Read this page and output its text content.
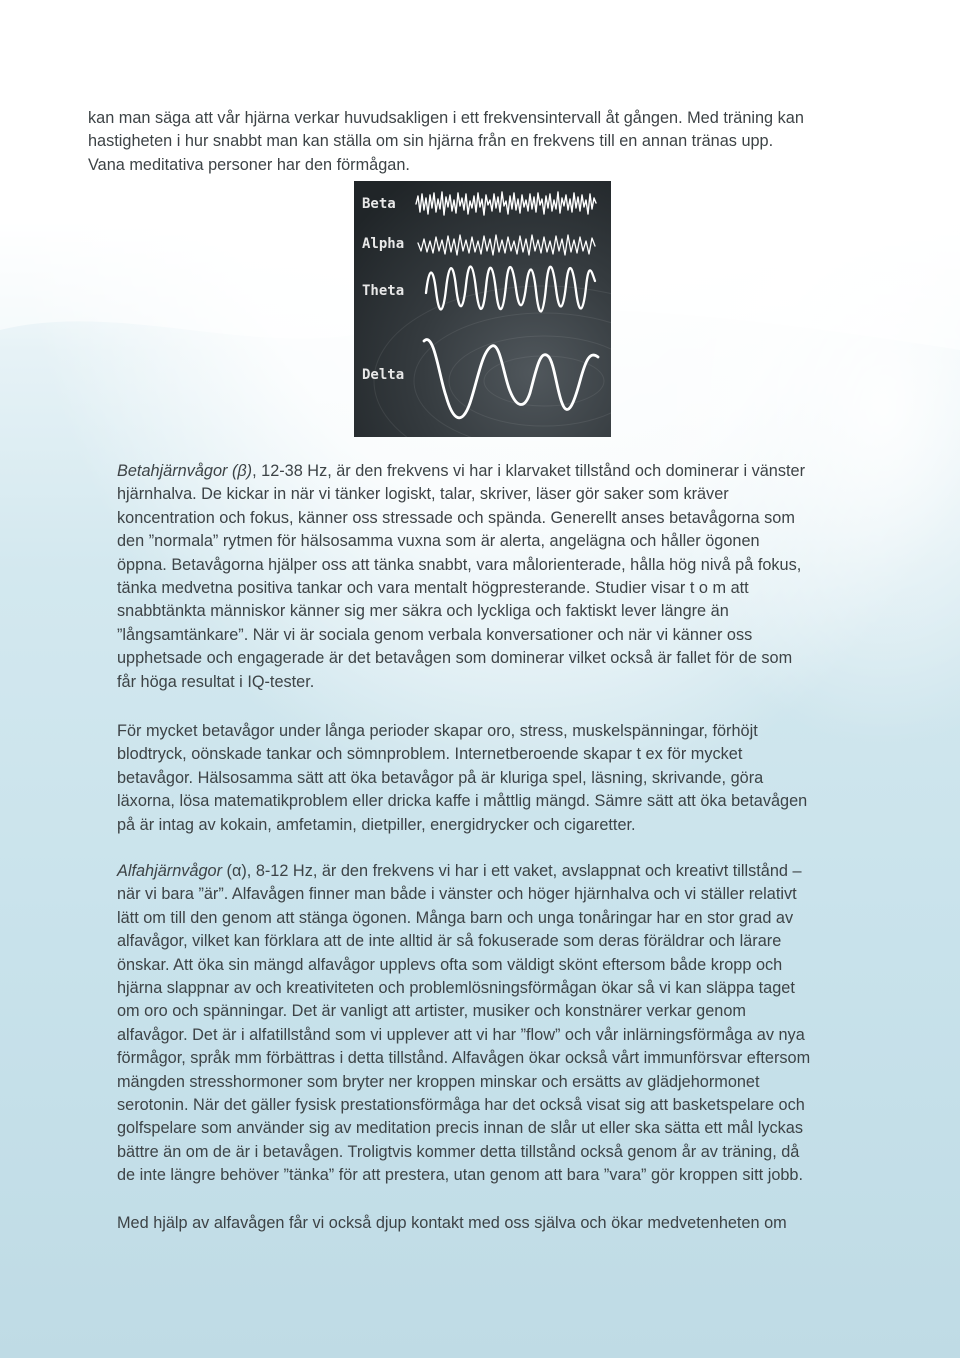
kan man säga att vår hjärna verkar huvudsakligen i ett frekvensintervall åt gången. Med träning kan
hastigheten i hur snabbt man kan ställa om sin hjärna från en frekvens till en annan tränas upp.
Vana meditativa personer har den förmågan.

Beta
Alpha
Theta
Delta

Betahjärnvågor (β), 12-38 Hz, är den frekvens vi har i klarvaket tillstånd och dominerar i vänster
hjärnhalva. De kickar in när vi tänker logiskt, talar, skriver, läser gör saker som kräver
koncentration och fokus, känner oss stressade och spända. Generellt anses betavågorna som
den ”normala” rytmen för hälsosamma vuxna som är alerta, angelägna och håller ögonen
öppna. Betavågorna hjälper oss att tänka snabbt, vara målorienterade, hålla hög nivå på fokus,
tänka medvetna positiva tankar och vara mentalt högpresterande. Studier visar t o m att
snabbtänkta människor känner sig mer säkra och lyckliga och faktiskt lever längre än
”långsamtänkare”. När vi är sociala genom verbala konversationer och när vi känner oss
upphetsade och engagerade är det betavågen som dominerar vilket också är fallet för de som
får höga resultat i IQ-tester.

För mycket betavågor under långa perioder skapar oro, stress, muskelspänningar, förhöjt
blodtryck, oönskade tankar och sömnproblem. Internetberoende skapar t ex för mycket
betavågor. Hälsosamma sätt att öka betavågor på är kluriga spel, läsning, skrivande, göra
läxorna, lösa matematikproblem eller dricka kaffe i måttlig mängd. Sämre sätt att öka betavågen
på är intag av kokain, amfetamin, dietpiller, energidrycker och cigaretter.

Alfahjärnvågor (α), 8-12 Hz, är den frekvens vi har i ett vaket, avslappnat och kreativt tillstånd –
när vi bara ”är”. Alfavågen finner man både i vänster och höger hjärnhalva och vi ställer relativt
lätt om till den genom att stänga ögonen. Många barn och unga tonåringar har en stor grad av
alfavågor, vilket kan förklara att de inte alltid är så fokuserade som deras föräldrar och lärare
önskar. Att öka sin mängd alfavågor upplevs ofta som väldigt skönt eftersom både kropp och
hjärna slappnar av och kreativiteten och problemlösningsförmågan ökar så vi kan släppa taget
om oro och spänningar. Det är vanligt att artister, musiker och konstnärer verkar genom
alfavågor. Det är i alfatillstånd som vi upplever att vi har ”flow” och vår inlärningsförmåga av nya
förmågor, språk mm förbättras i detta tillstånd. Alfavågen ökar också vårt immunförsvar eftersom
mängden stresshormoner som bryter ner kroppen minskar och ersätts av glädjehormonet
serotonin. När det gäller fysisk prestationsförmåga har det också visat sig att basketspelare och
golfspelare som använder sig av meditation precis innan de slår ut eller ska sätta ett mål lyckas
bättre än om de är i betavågen. Troligtvis kommer detta tillstånd också genom år av träning, då
de inte längre behöver ”tänka” för att prestera, utan genom att bara ”vara” gör kroppen sitt jobb.

Med hjälp av alfavågen får vi också djup kontakt med oss själva och ökar medvetenheten om
